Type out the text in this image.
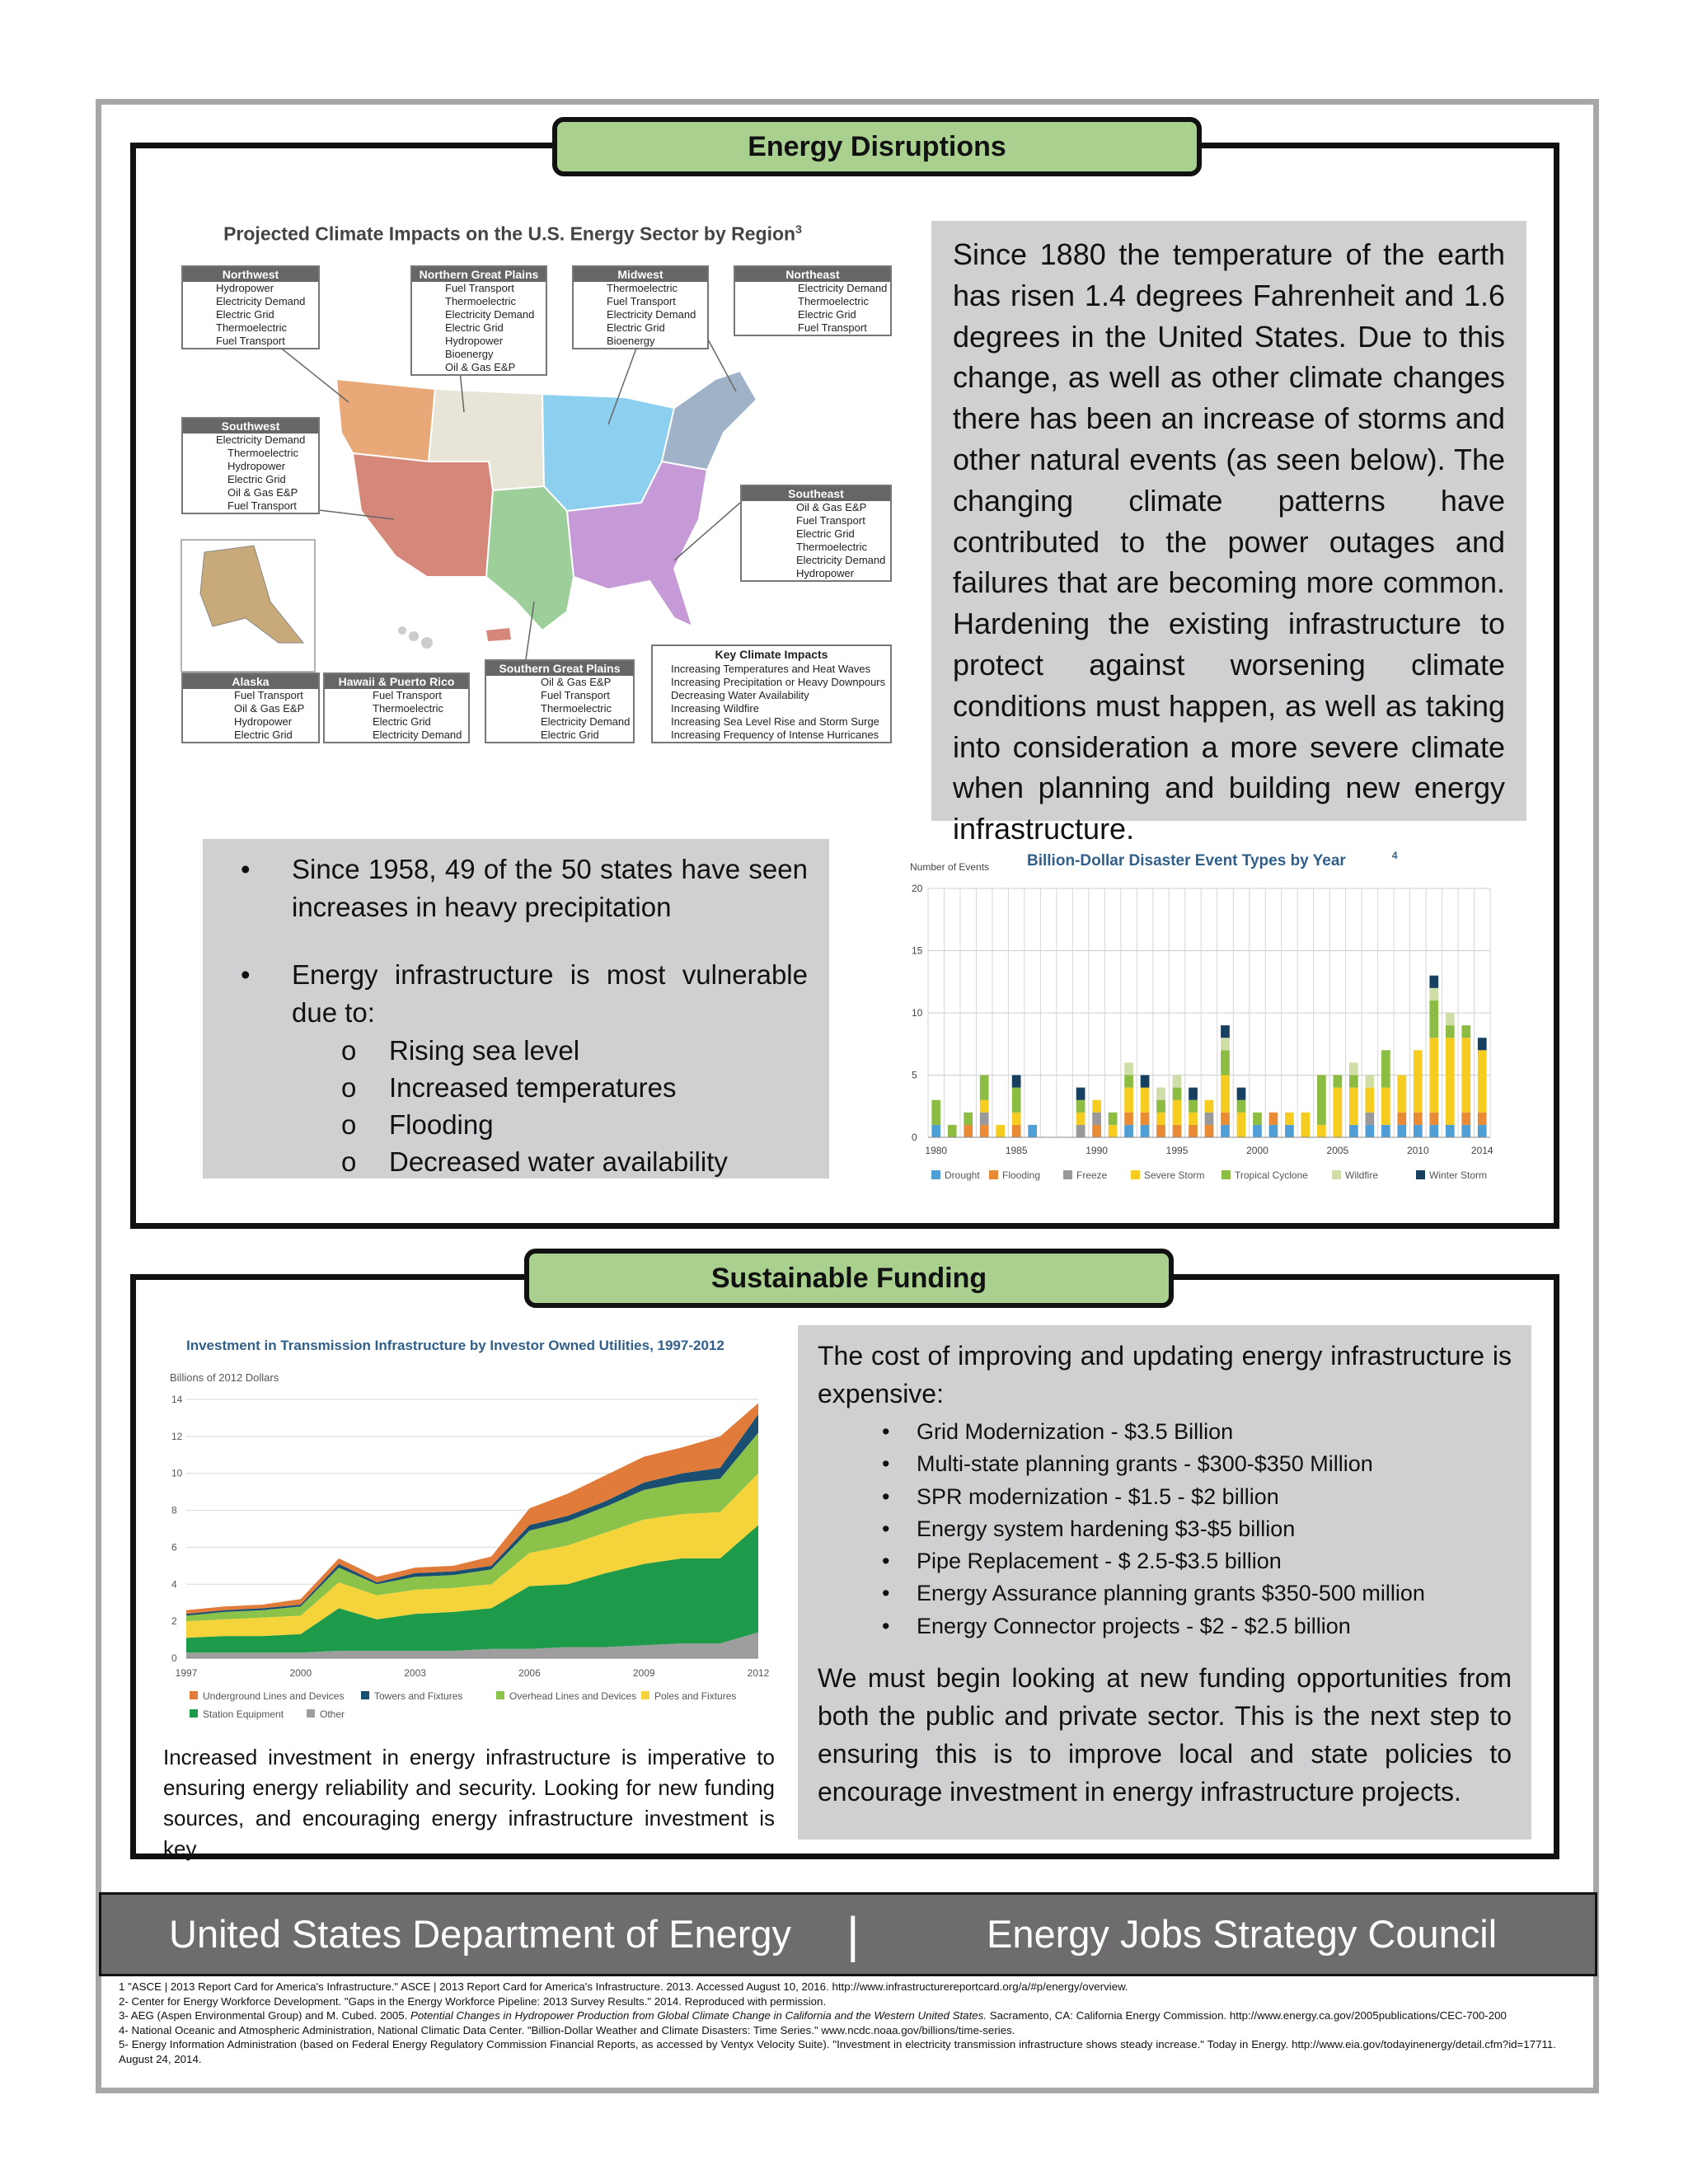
Energy Disruptions
Projected Climate Impacts on the U.S. Energy Sector by Region$^3$
Northwest
Hydropower
Electricity Demand
Electric Grid
Thermoelectric
Fuel Transport
Northern Great Plains
Fuel Transport
Thermoelectric
Electricity Demand
Electric Grid
Hydropower
Bioenergy
Oil & Gas E&P
Midwest
Thermoelectric
Fuel Transport
Electricity Demand
Electric Grid
Bioenergy
Northeast
Electricity Demand
Thermoelectric
Electric Grid
Fuel Transport
Southwest
Electricity Demand
Thermoelectric
Hydropower
Electric Grid
Oil & Gas E&P
Fuel Transport
Southeast
Oil & Gas E&P
Fuel Transport
Electric Grid
Thermoelectric
Electricity Demand
Hydropower
Alaska
Fuel Transport
Oil & Gas E&P
Hydropower
Electric Grid
Hawaii & Puerto Rico
Fuel Transport
Thermoelectric
Electric Grid
Electricity Demand
Southern Great Plains
Oil & Gas E&P
Fuel Transport
Thermoelectric
Electricity Demand
Electric Grid
Key Climate Impacts
Increasing Temperatures and Heat Waves
Increasing Precipitation or Heavy Downpours
Decreasing Water Availability
Increasing Wildfire
Increasing Sea Level Rise and Storm Surge
Increasing Frequency of Intense Hurricanes

Since 1880 the temperature of the earth has risen 1.4 degrees Fahrenheit and 1.6 degrees in the United States. Due to this change, as well as other climate changes there has been an increase of storms and other natural events (as seen below). The changing climate patterns have contributed to the power outages and failures that are becoming more common. Hardening the existing infrastructure to protect against worsening climate conditions must happen, as well as taking into consideration a more severe climate when planning and building new energy infrastructure.

• Since 1958, 49 of the 50 states have seen increases in heavy precipitation
• Energy infrastructure is most vulnerable due to:
o Rising sea level
o Increased temperatures
o Flooding
o Decreased water availability
Billion-Dollar Disaster Event Types by Year	4
Number of Events
0
5
10
15
20
1980	1985	1990	1995	2000	2005	2010	2014
Drought Flooding	Freeze	Severe Storm	Tropical Cyclone	Wildfire	Winter Storm
Sustainable Funding
Investment in Transmission Infrastructure by Investor Owned Utilities, 1997-2012
Billions of 2012 Dollars
0
2
4
6
8
10
12
14
1997	2000	2003	2006	2009	2012
Underground Lines and Devices	Towers and Fixtures	Overhead Lines and Devices Poles and Fixtures
Station Equipment	Other
Increased investment in energy infrastructure is imperative to ensuring energy reliability and security. Looking for new funding sources, and encouraging energy infrastructure investment is key.

The cost of improving and updating energy infrastructure is expensive:

• Grid Modernization - $3.5 Billion
• Multi-state planning grants - $300-$350 Million
• SPR modernization - $1.5 - $2 billion
• Energy system hardening $3-$5 billion
• Pipe Replacement - $ 2.5-$3.5 billion
• Energy Assurance planning grants $350-500 million
• Energy Connector projects - $2 - $2.5 billion

We must begin looking at new funding opportunities from both the public and private sector. This is the next step to ensuring this is to improve local and state policies to encourage investment in energy infrastructure projects.

United States Department of Energy |	Energy Jobs Strategy Council
1 "ASCE | 2013 Report Card for America's Infrastructure." ASCE | 2013 Report Card for America's Infrastructure. 2013. Accessed August 10, 2016. http://www.infrastructurereportcard.org/a/#p/energy/overview.
2- Center for Energy Workforce Development. "Gaps in the Energy Workforce Pipeline: 2013 Survey Results." 2014. Reproduced with permission.
3- AEG (Aspen Environmental Group) and M. Cubed. 2005. Potential Changes in Hydropower Production from Global Climate Change in California and the Western United States. Sacramento, CA: California Energy Commission. http://www.energy.ca.gov/2005publications/CEC-700-200
4- National Oceanic and Atmospheric Administration, National Climatic Data Center. "Billion-Dollar Weather and Climate Disasters: Time Series." www.ncdc.noaa.gov/billions/time-series.
5- Energy Information Administration (based on Federal Energy Regulatory Commission Financial Reports, as accessed by Ventyx Velocity Suite). "Investment in electricity transmission infrastructure shows steady increase." Today in Energy. http://www.eia.gov/todayinenergy/detail.cfm?id=17711. August 24, 2014.
